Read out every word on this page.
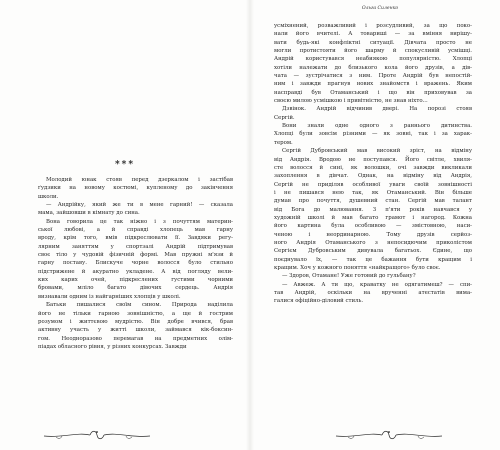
***

Молодий юнак стояв перед дзеркалом і застібав

ґудзики на новому костюмі, купленому до закінчення

школи.

— Андрійку, який же ти в мене гарний! — сказала

мама, зайшовши в кімнату до сина.

Вона говорила це так ніжно і з почуттям материн-

ської любові, а й справді хлопець мав гарну

вроду, крім того, вмів підкреслювати її. Завдяки регу-

лярним заняттям у спортзалі Андрій підтримував

своє тіло у чудовій фізичній формі. Мав пружні м'язи й

гарну поставу. Блискуче чорне волосся було стильно

підстрижене й акуратно укладене. А від погляду вели-

ких карих очей, підкреслених густими чорними

бровами, млілo багато дівочих сердець. Андрія

визнавали одним із найгарніших хлопців у школі.

Батьки пишалися своїм сином. Природа наділила

його не тільки гарною зовнішністю, а ще й гострим

розумом і життєвою мудрістю. Він добре вчився, брав

активну участь у житті школи, займався кік-боксин-

гом. Неодноразово перемагав на предметних олім-

піадах обласного рівня, у різних конкурсах. Завжди

Ольга Силенко

усміхнений, розважливий і розсудливий, за що поко-

нали його вчителі. А товариші — за вміння вирішу-

вати будь-які конфліктні ситуації. Дівчата просто не

могли протистояти його шарму й спокусливій усмішці.

Андрій користувався неабиякою популярністю. Хлопці

хотіли належати до близького кола його друзів, а дів-

чата — зустрічатися з ним. Проте Андрій був непостій-

ним і завжди прагнув нових знайомств і вражень. Яким

насправді був Отаманський і що він приховував за

своєю милою усмішкою і привітністю, не знав ніхто...

Дзвінок. Андрій відчинив двері. На порозі стояв

Сергій.

Вони знали одне одного з раннього дитинства.

Хлопці були зовсім різними — як зовні, так і за харак-

тером.

Сергій Дубровський мав високий зріст, на відміну

від Андрія. Вродою не поступався. Його світле, хвиля-

сте волосся й сині, як волошки, очі завжди викликали

захоплення в дівчат. Однак, на відміну від Андрія,

Сергій не приділяв особливої уваги своїй зовнішності

і не пишався нею так, як Отаманський. Він більше

думав про почуття, душевний стан. Сергій мав талант

від Бога до малювання. З п'яти років навчався у

художній школі й мав багато грамот і нагород. Кожна

його картина була особливою — змістовною, наси-

ченою і неординарною. Тому друзів серйоз-

ного Андрія Отаманського з непосидючим приколістом

Сергієм Дубровським дивувала багатьох. Єдине, що

поєднувало їх, — так це бажання бути кращим і

кращим. Хоч у кожного поняття «найкращого» було своє.

— Здоров, Отамане! Уже готовий до гульбану?

— Авжеж. А ти що, краватку не одягатимеш? — спи-

тав Андрій, оскільки на врученні атестатів вима-

галися офіційно-діловий стиль.
